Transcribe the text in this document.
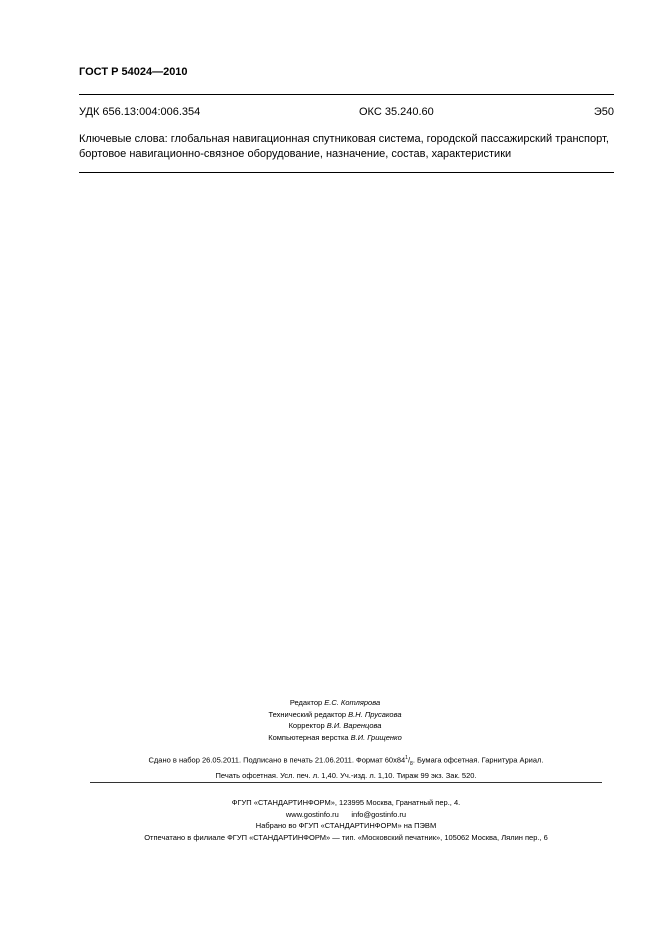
ГОСТ Р 54024—2010
УДК 656.13:004:006.354	ОКС 35.240.60	Э50
Ключевые слова: глобальная навигационная спутниковая система, городской пассажирский транспорт, бортовое навигационно-связное оборудование, назначение, состав, характеристики
Редактор Е.С. Котлярова
Технический редактор В.Н. Прусакова
Корректор В.И. Варенцова
Компьютерная верстка В.И. Грищенко
Сдано в набор 26.05.2011. Подписано в печать 21.06.2011. Формат $60x84^1/_8$. Бумага офсетная. Гарнитура Ариал.
Печать офсетная. Усл. печ. л. 1,40. Уч.-изд. л. 1,10. Тираж 99 экз. Зак. 520.
ФГУП «СТАНДАРТИНФОРМ», 123995 Москва, Гранатный пер., 4.
www.gostinfo.ru info@gostinfo.ru
Набрано во ФГУП «СТАНДАРТИНФОРМ» на ПЭВМ
Отпечатано в филиале ФГУП «СТАНДАРТИНФОРМ» — тип. «Московский печатник», 105062 Москва, Лялин пер., 6
